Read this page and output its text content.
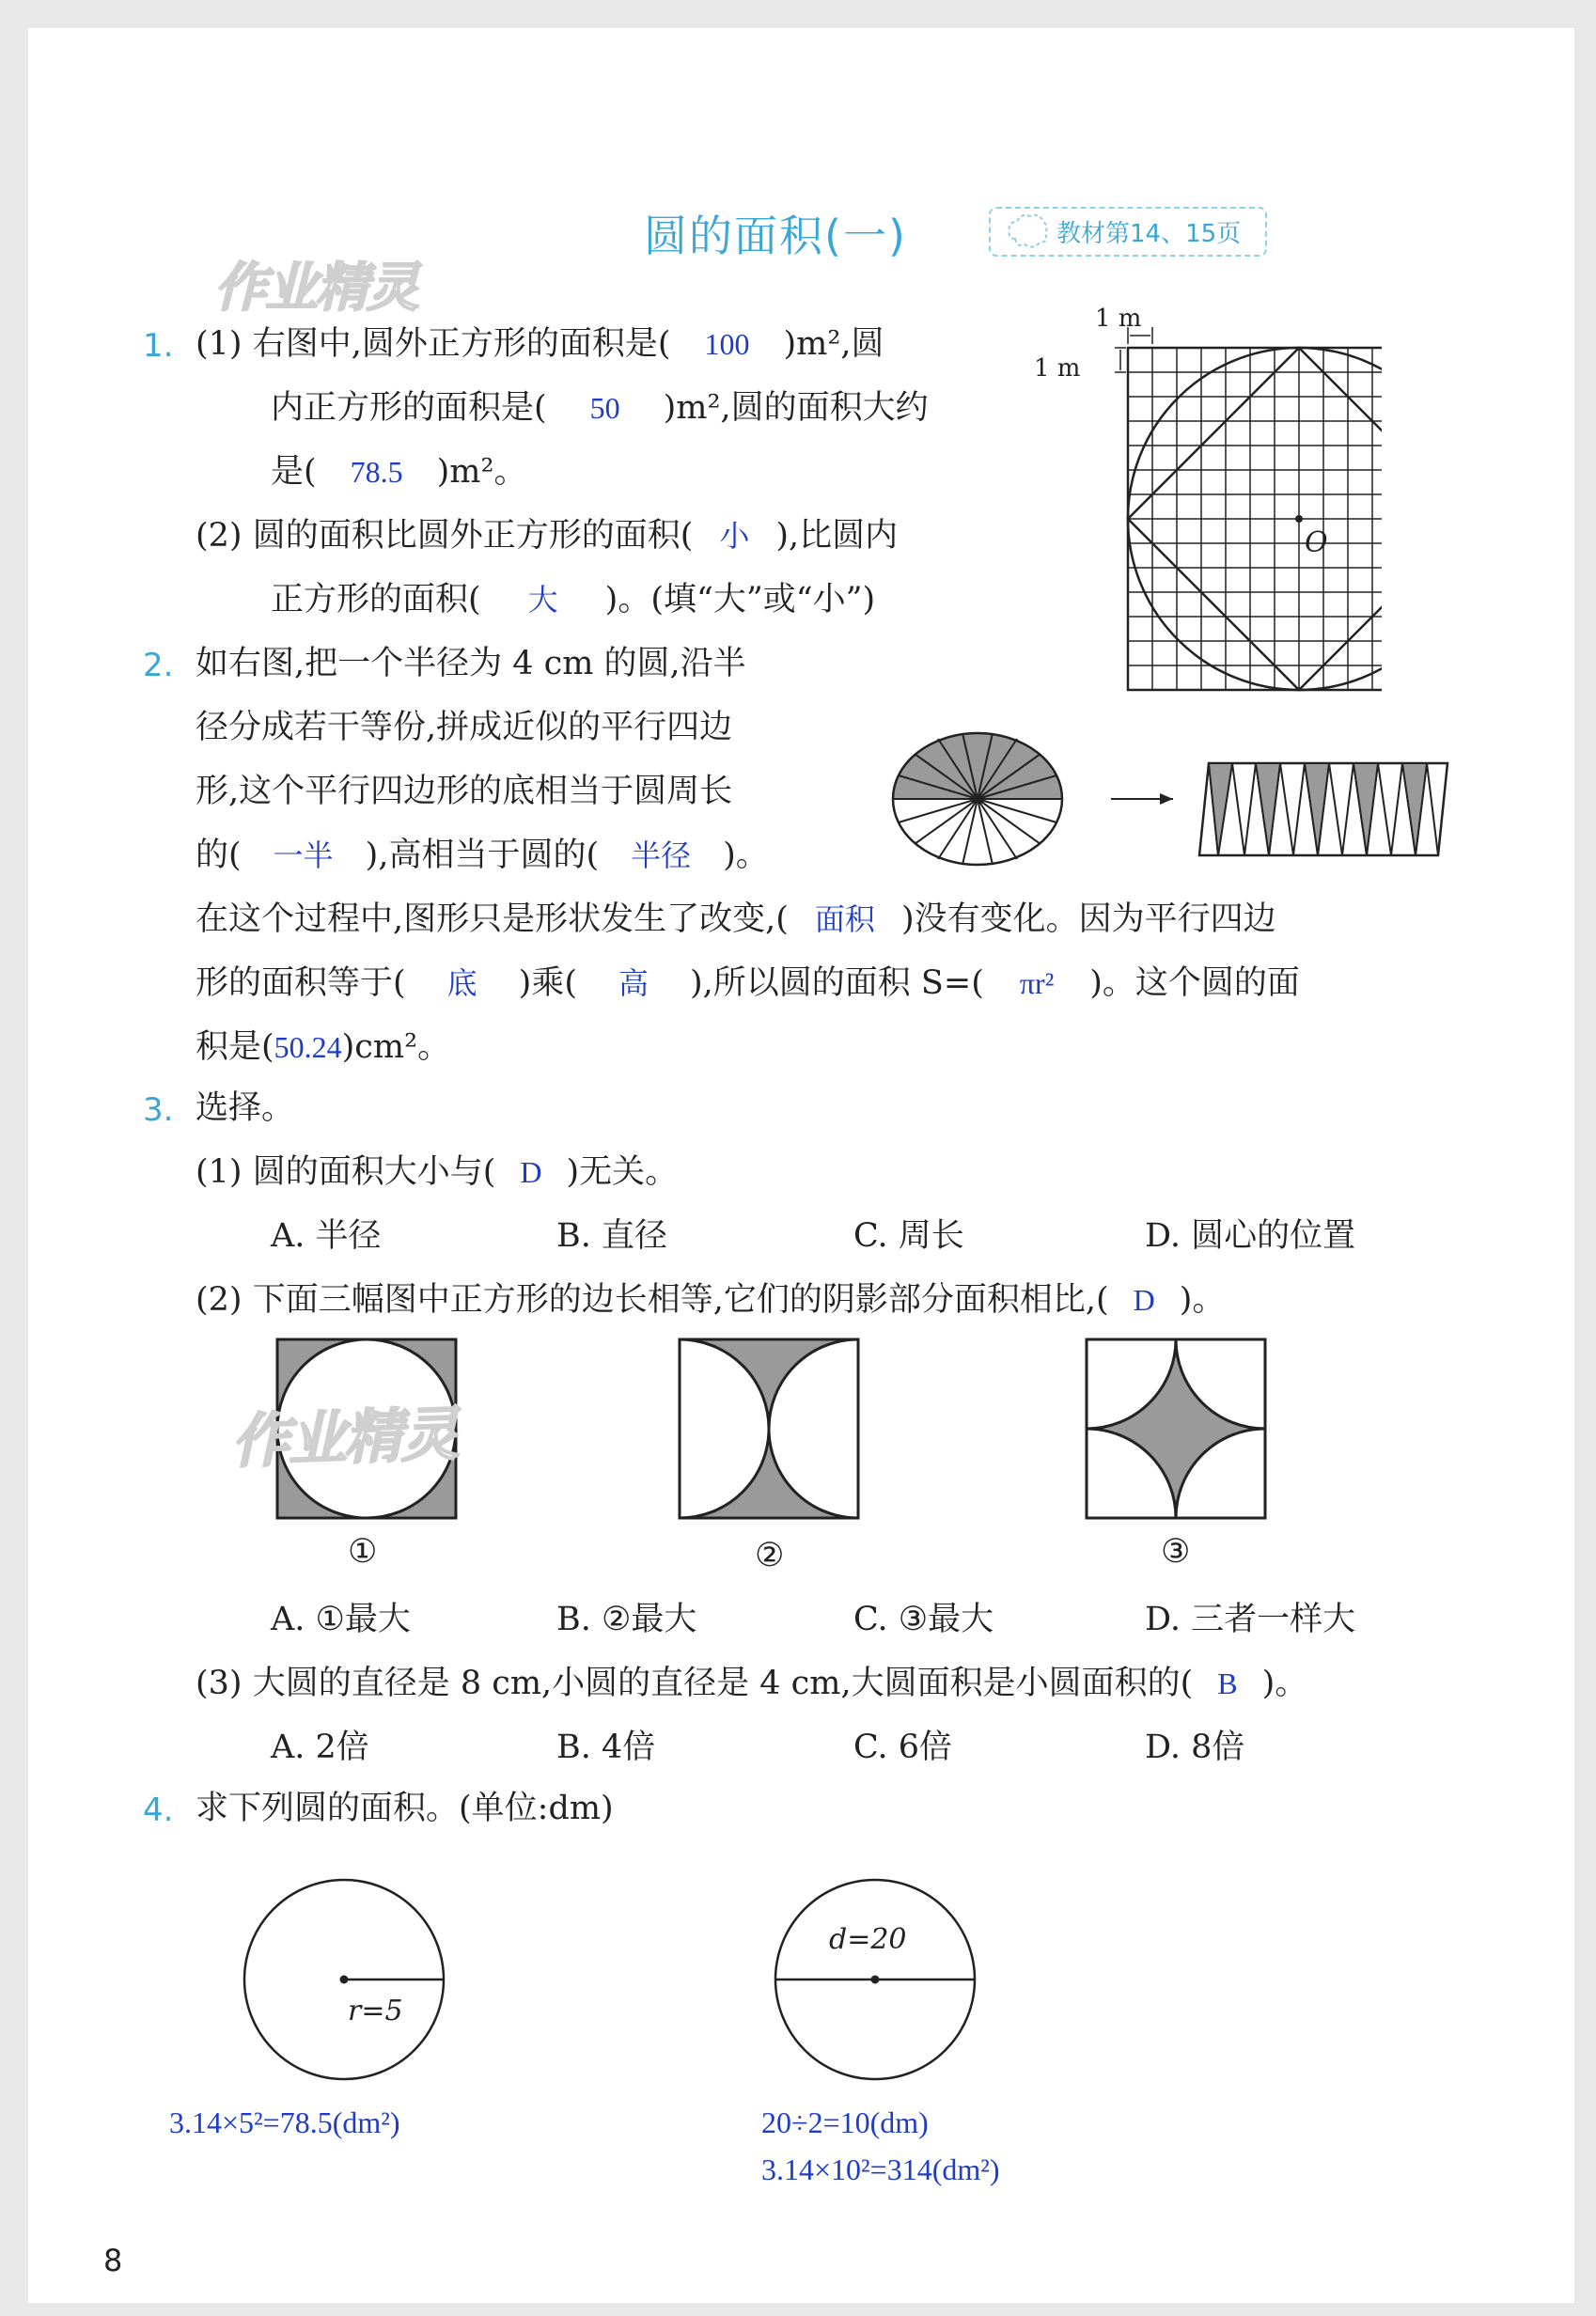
圆的面积(一)	教材第14、15页
作业精灵
1. (1) 右图中,圆外正方形的面积是( 100 )m²,圆
内正方形的面积是( 50 )m²,圆的面积大约
是( 78.5 )m²。
(2) 圆的面积比圆外正方形的面积( 小 ),比圆内
正方形的面积( 大 )。(填“大”或“小”)
1 m
1 m
O
2. 如右图,把一个半径为 4 cm 的圆,沿半
径分成若干等份,拼成近似的平行四边
形,这个平行四边形的底相当于圆周长
的( 一半 ),高相当于圆的( 半径 )。
在这个过程中,图形只是形状发生了改变,( 面积 )没有变化。因为平行四边
形的面积等于( 底 )乘( 高 ),所以圆的面积 S=( πr² )。这个圆的面
积是(50.24)cm²。
3. 选择。
(1) 圆的面积大小与( D )无关。
A. 半径	B. 直径	C. 周长	D. 圆心的位置
(2) 下面三幅图中正方形的边长相等,它们的阴影部分面积相比,( D )。
作业精灵
①	②	③
A. ①最大	B. ②最大	C. ③最大	D. 三者一样大
(3) 大圆的直径是 8 cm,小圆的直径是 4 cm,大圆面积是小圆面积的( B )。
A. 2倍	B. 4倍	C. 6倍	D. 8倍
4. 求下列圆的面积。(单位:dm)
r=5
d=20
3.14×5²=78.5(dm²)	20÷2=10(dm)
3.14×10²=314(dm²)
8
